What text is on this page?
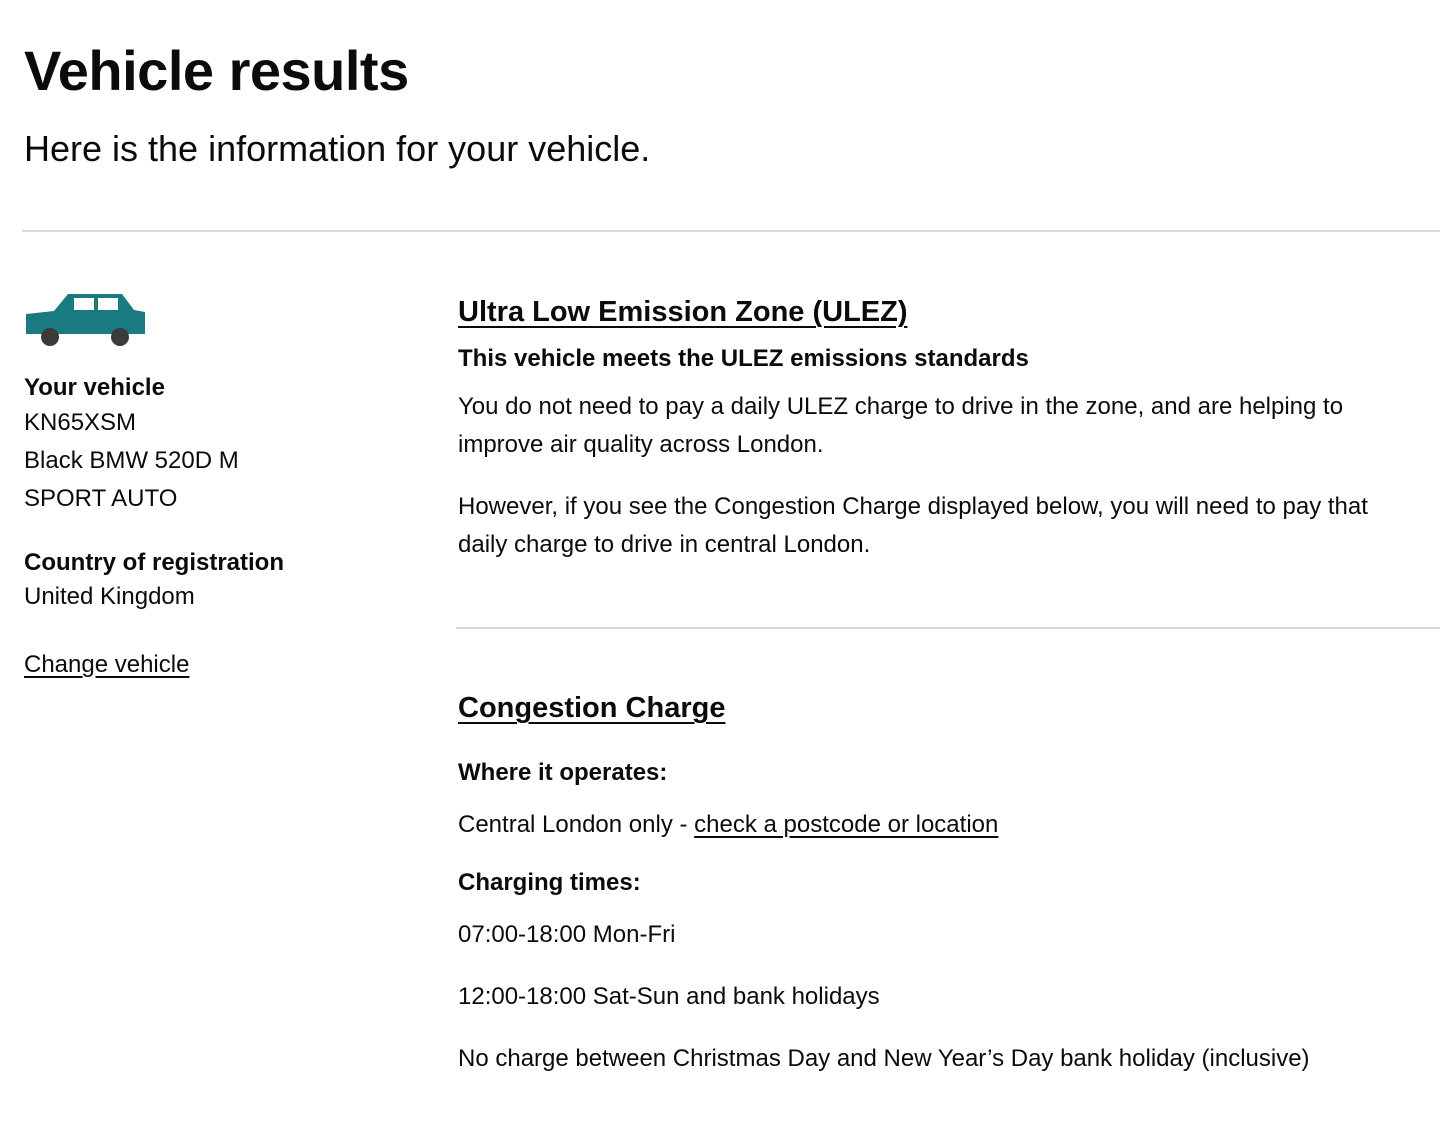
Vehicle results

Here is the information for your vehicle.

Your vehicle

KN65XSM

Black BMW 520D M SPORT AUTO

Country of registration

United Kingdom

Change vehicle
Ultra Low Emission Zone (ULEZ)

This vehicle meets the ULEZ emissions standards

You do not need to pay a daily ULEZ charge to drive in the zone, and are helping to improve air quality across London.

However, if you see the Congestion Charge displayed below, you will need to pay that daily charge to drive in central London.

Congestion Charge

Where it operates:

Central London only - check a postcode or location

Charging times:

07:00-18:00 Mon-Fri

12:00-18:00 Sat-Sun and bank holidays

No charge between Christmas Day and New Year’s Day bank holiday (inclusive)
